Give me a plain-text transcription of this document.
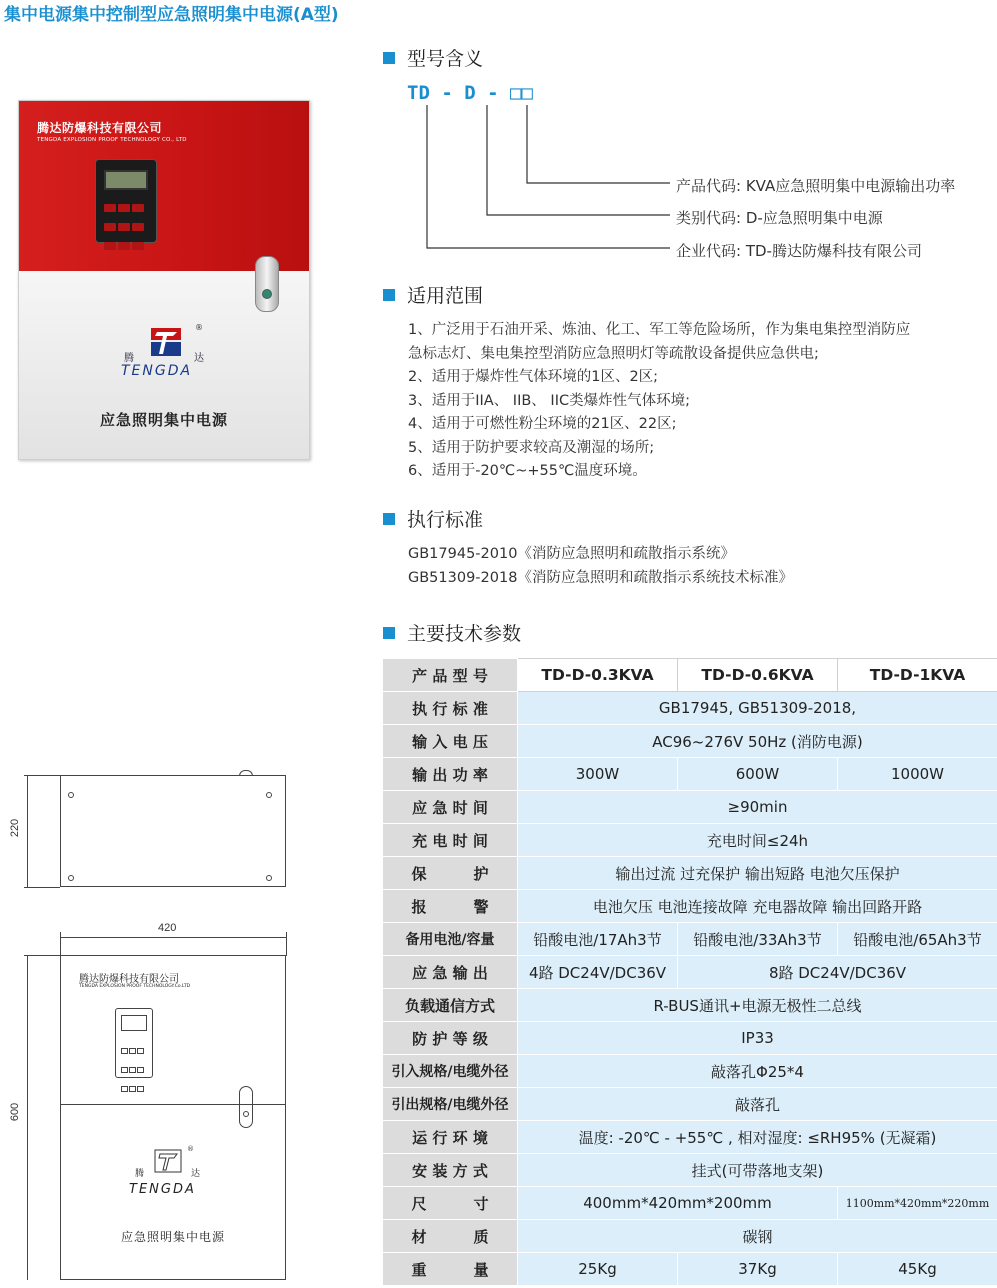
集中电源集中控制型应急照明集中电源(A型)
腾达防爆科技有限公司
TENGDA EXPLOSION PROOF TECHNOLOGY CO., LTD
®
腾	达
TENGDA
应急照明集中电源
220
420
腾达防爆科技有限公司
TENGDA EXPLOSION PROOF TECHNOLOGY.Co.LTD

®
腾	达
TENGDA
应急照明集中电源
600
型号含义
TD - D - □□
产品代码: KVA应急照明集中电源输出功率
类别代码: D-应急照明集中电源
企业代码: TD-腾达防爆科技有限公司
适用范围
1、广泛用于石油开采、炼油、化工、军工等危险场所，作为集电集控型消防应
急标志灯、集电集控型消防应急照明灯等疏散设备提供应急供电;
2、适用于爆炸性气体环境的1区、2区;
3、适用于IIA、 IIB、 IIC类爆炸性气体环境;
4、适用于可燃性粉尘环境的21区、22区;
5、适用于防护要求较高及潮湿的场所;
6、适用于-20℃~+55℃温度环境。
执行标准
GB17945-2010《消防应急照明和疏散指示系统》
GB51309-2018《消防应急照明和疏散指示系统技术标准》
主要技术参数
产 品 型 号	TD-D-0.3KVA	TD-D-0.6KVA	TD-D-1KVA
执 行 标 准	GB17945, GB51309-2018,		
输 入 电 压	AC96~276V 50Hz (消防电源)		
输 出 功 率	300W	600W	1000W
应 急 时 间	≥90min		
充 电 时 间	充电时间≤24h		
保         护	输出过流 过充保护 输出短路 电池欠压保护		
报         警	电池欠压 电池连接故障 充电器故障 输出回路开路		
备用电池/容量	铅酸电池/17Ah3节	铅酸电池/33Ah3节	铅酸电池/65Ah3节
应 急 输 出	4路 DC24V/DC36V	8路 DC24V/DC36V	
负载通信方式	R-BUS通讯+电源无极性二总线		
防 护 等 级	IP33		
引入规格/电缆外径	敲落孔Φ25*4		
引出规格/电缆外径	敲落孔		
运 行 环 境	温度: -20℃ - +55℃ , 相对湿度: ≤RH95% (无凝霜)		
安 装 方 式	挂式(可带落地支架)		
尺         寸	400mm*420mm*200mm		1100mm*420mm*220mm
材         质	碳钢		
重         量	25Kg	37Kg	45Kg
